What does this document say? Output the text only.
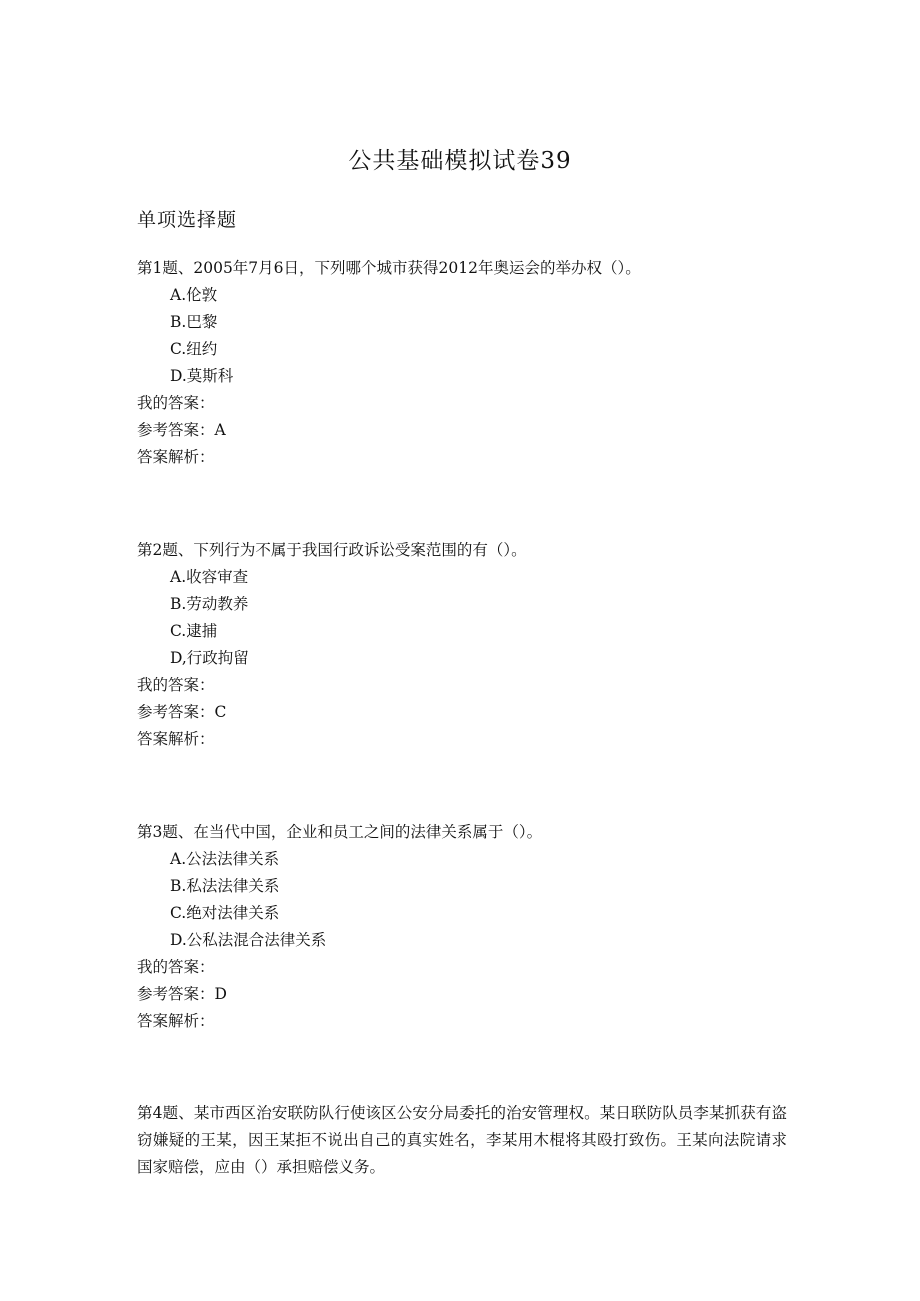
公共基础模拟试卷39
单项选择题
第1题、2005年7月6日，下列哪个城市获得2012年奥运会的举办权（）。
A.伦敦
B.巴黎
C.纽约
D.莫斯科
我的答案：
参考答案：A
答案解析：
第2题、下列行为不属于我国行政诉讼受案范围的有（）。
A.收容审查
B.劳动教养
C.逮捕
D,行政拘留
我的答案：
参考答案：C
答案解析：
第3题、在当代中国，企业和员工之间的法律关系属于（）。
A.公法法律关系
B.私法法律关系
C.绝对法律关系
D.公私法混合法律关系
我的答案：
参考答案：D
答案解析：
第4题、某市西区治安联防队行使该区公安分局委托的治安管理权。某日联防队员李某抓获有盗窃嫌疑的王某，因王某拒不说出自己的真实姓名，李某用木棍将其殴打致伤。王某向法院请求国家赔偿，应由（）承担赔偿义务。
